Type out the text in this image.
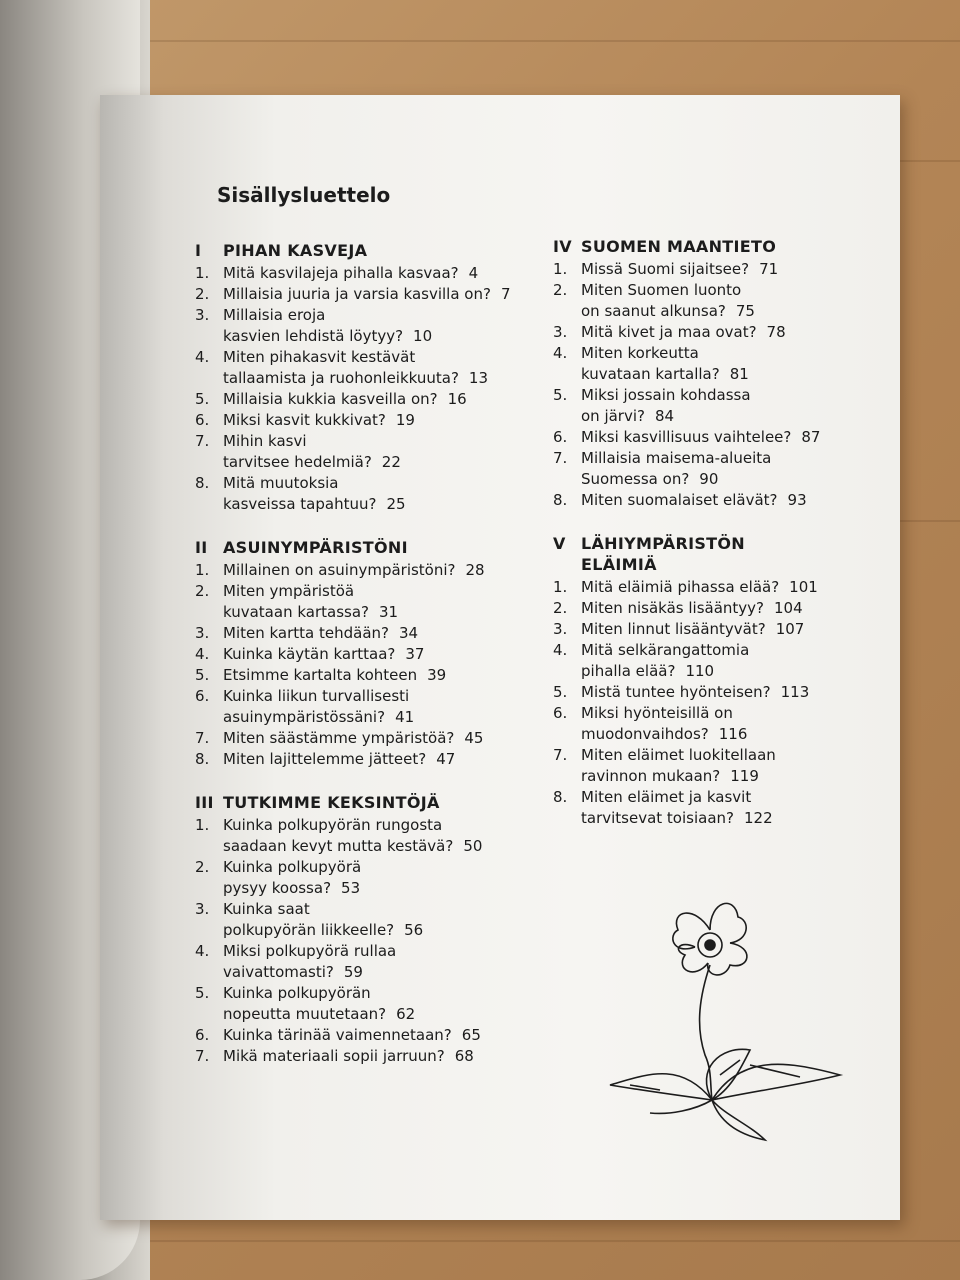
Sisällysluettelo
I	PIHAN KASVEJA
1. Mitä kasvilajeja pihalla kasvaa? 4
2. Millaisia juuria ja varsia kasvilla on? 7
3. Millaisia eroja
kasvien lehdistä löytyy? 10
4. Miten pihakasvit kestävät
tallaamista ja ruohonleikkuuta? 13
5. Millaisia kukkia kasveilla on? 16
6. Miksi kasvit kukkivat? 19
7. Mihin kasvi
tarvitsee hedelmiä? 22
8. Mitä muutoksia
kasveissa tapahtuu? 25
II ASUINYMPÄRISTÖNI
1. Millainen on asuinympäristöni? 28
2. Miten ympäristöä
kuvataan kartassa? 31
3. Miten kartta tehdään? 34
4. Kuinka käytän karttaa? 37
5. Etsimme kartalta kohteen 39
6. Kuinka liikun turvallisesti
asuinympäristössäni? 41
7. Miten säästämme ympäristöä? 45
8. Miten lajittelemme jätteet? 47
III TUTKIMME KEKSINTÖJÄ
1. Kuinka polkupyörän rungosta
saadaan kevyt mutta kestävä? 50
2. Kuinka polkupyörä
pysyy koossa? 53
3. Kuinka saat
polkupyörän liikkeelle? 56
4. Miksi polkupyörä rullaa
vaivattomasti? 59
5. Kuinka polkupyörän
nopeutta muutetaan? 62
6. Kuinka tärinää vaimennetaan? 65
7. Mikä materiaali sopii jarruun? 68
IV SUOMEN MAANTIETO
1. Missä Suomi sijaitsee? 71
2. Miten Suomen luonto
on saanut alkunsa? 75
3. Mitä kivet ja maa ovat? 78
4. Miten korkeutta
kuvataan kartalla? 81
5. Miksi jossain kohdassa
on järvi? 84
6. Miksi kasvillisuus vaihtelee? 87
7. Millaisia maisema-alueita
Suomessa on? 90
8. Miten suomalaiset elävät? 93
V LÄHIYMPÄRISTÖN
ELÄIMIÄ
1. Mitä eläimiä pihassa elää? 101
2. Miten nisäkäs lisääntyy? 104
3. Miten linnut lisääntyvät? 107
4. Mitä selkärangattomia
pihalla elää? 110
5. Mistä tuntee hyönteisen? 113
6. Miksi hyönteisillä on
muodonvaihdos? 116
7. Miten eläimet luokitellaan
ravinnon mukaan? 119
8. Miten eläimet ja kasvit
tarvitsevat toisiaan? 122
